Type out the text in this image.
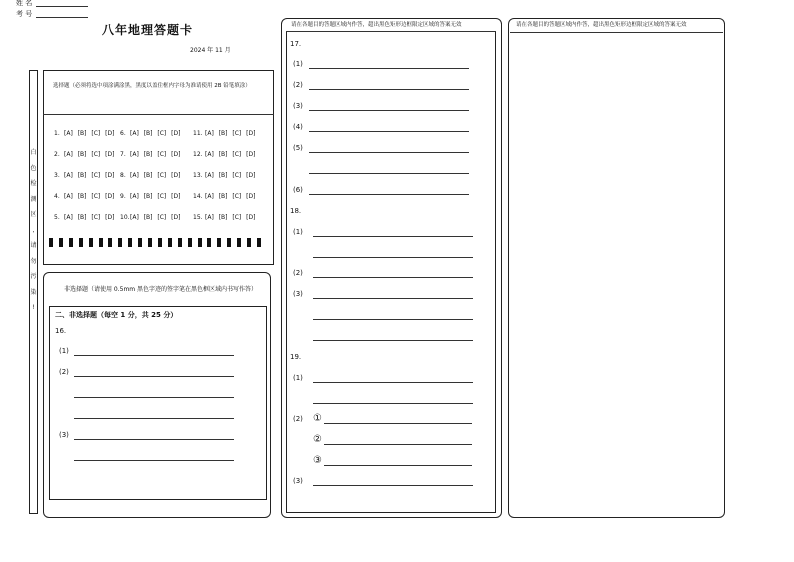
姓 名
考 号
八年地理答题卡
2024 年 11 月
白
色
检
测
区
,
请
勿
污
染
!
选择题（必须将选中项涂满涂黑，黑度以盖住框内字母为准请使用 2B 铅笔填涂）
1. [A] [B] [C] [D]
2. [A] [B] [C] [D]
3. [A] [B] [C] [D]
4. [A] [B] [C] [D]
5. [A] [B] [C] [D]
6. [A] [B] [C] [D]
7. [A] [B] [C] [D]
8. [A] [B] [C] [D]
9. [A] [B] [C] [D]
10. [A] [B] [C] [D]
11. [A] [B] [C] [D]
12. [A] [B] [C] [D]
13. [A] [B] [C] [D]
14. [A] [B] [C] [D]
15. [A] [B] [C] [D]
非选择题（请使用 0.5mm 黑色字迹的签字笔在黑色框区域内书写作答）
二、非选择题（每空 1 分，共 25 分）
16.
(1)
(2)
(3)
请在各题目的答题区域内作答，超出黑色矩形边框限定区域的答案无效
17.
(1)
(2)
(3)
(4)
(5)
(6)
18.
(1)
(2)
(3)
19.
(1)
(2) ①
②
③
(3)
请在各题目的答题区域内作答，超出黑色矩形边框限定区域的答案无效
